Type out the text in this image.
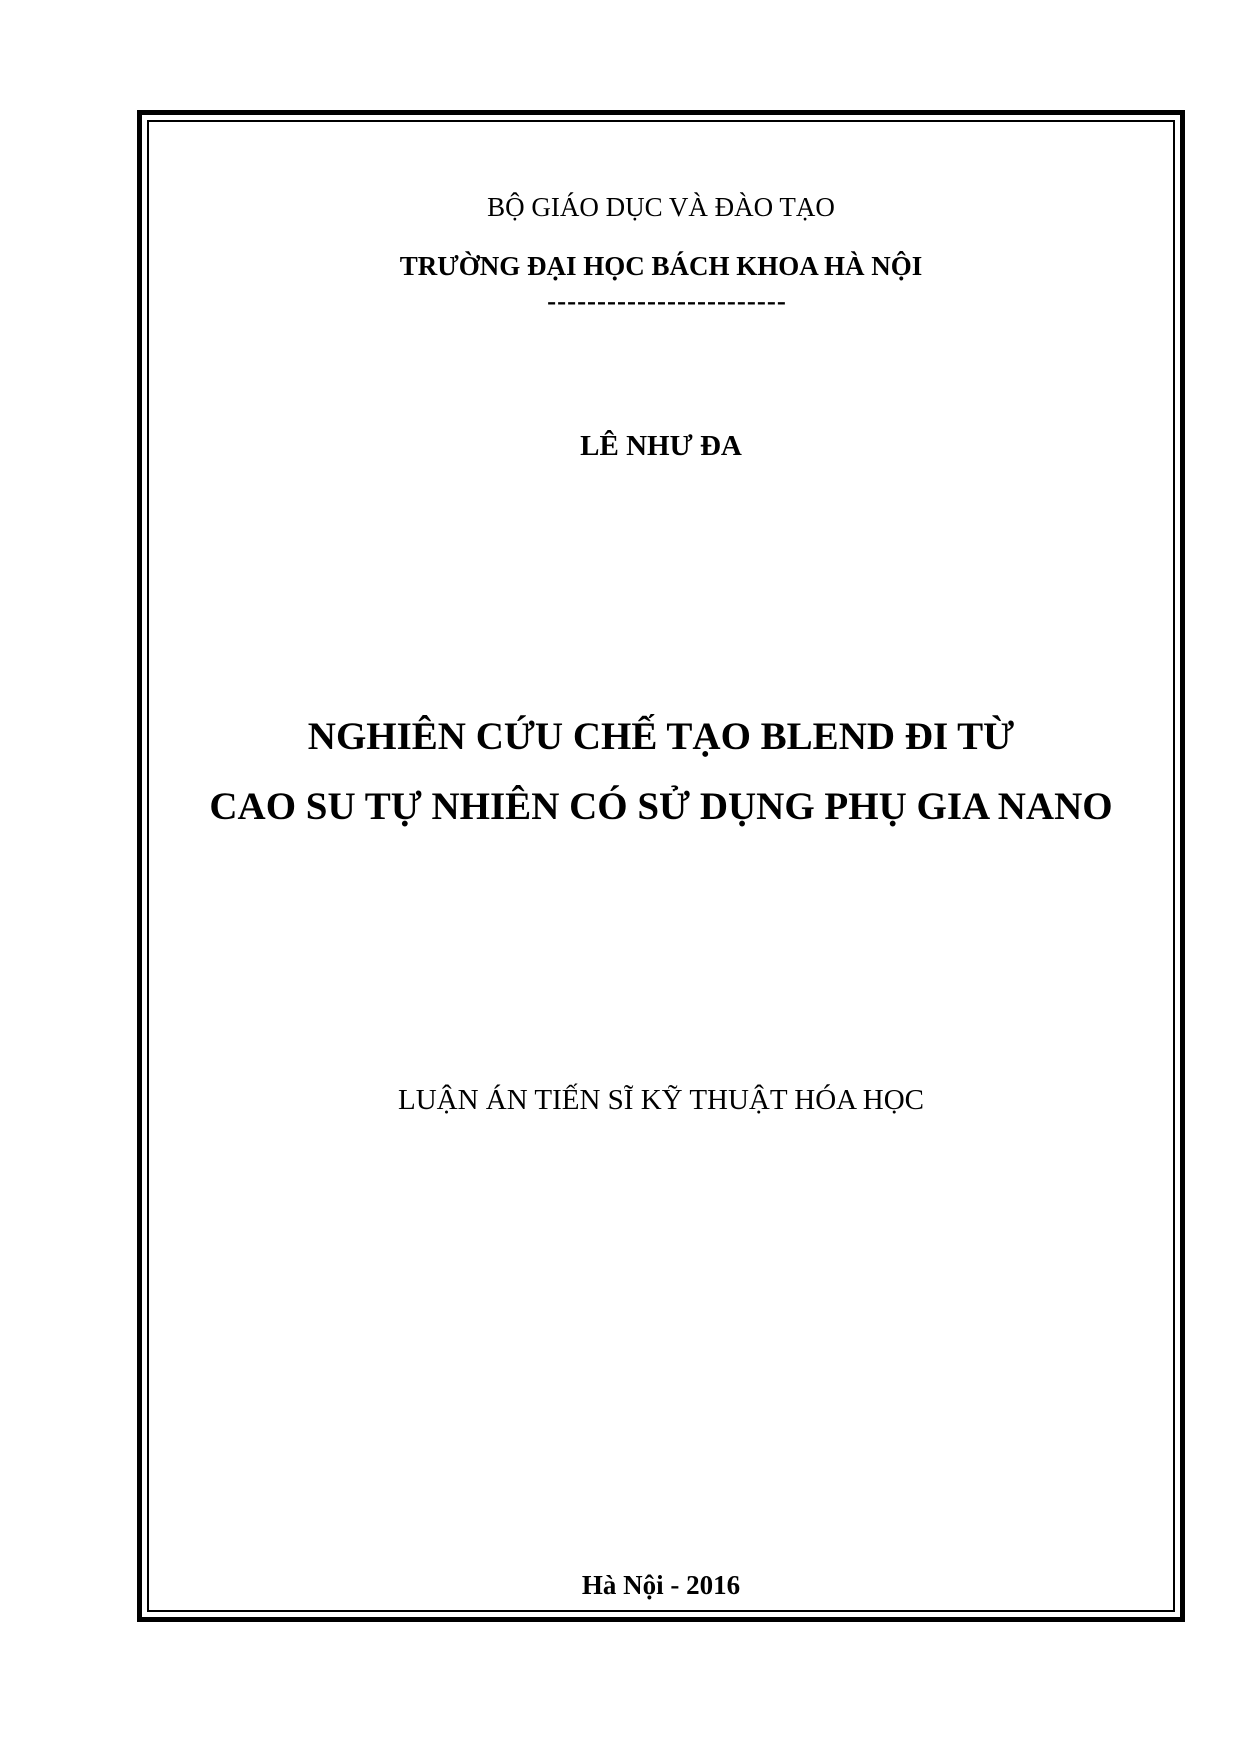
BỘ GIÁO DỤC VÀ ĐÀO TẠO
TRƯỜNG ĐẠI HỌC BÁCH KHOA HÀ NỘI
------------------------
LÊ NHƯ ĐA
NGHIÊN CỨU CHẾ TẠO BLEND ĐI TỪ
CAO SU TỰ NHIÊN CÓ SỬ DỤNG PHỤ GIA NANO
LUẬN ÁN TIẾN SĨ KỸ THUẬT HÓA HỌC
Hà Nội - 2016
